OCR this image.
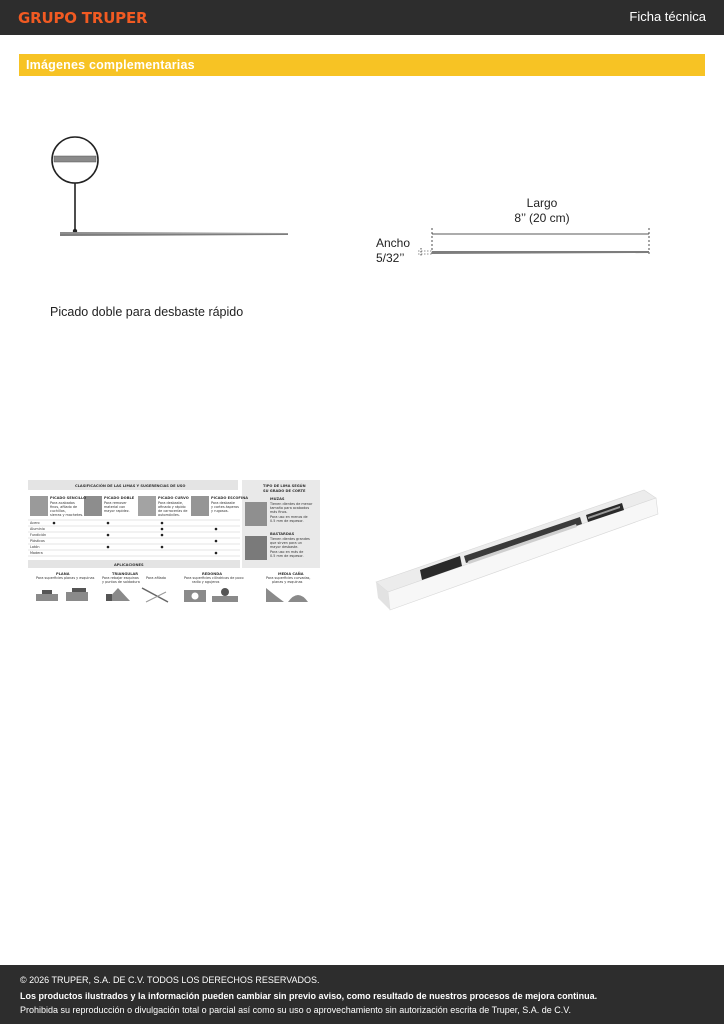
GRUPO TRUPER	Ficha técnica
Imágenes complementarias
Picado doble para desbaste rápido
Largo
8’’ (20 cm)
Ancho
5/32’’
CLASIFICACIÓN DE LAS LIMAS Y SUGERENCIAS DE USO	TIPO DE LIMA SEGÚN
SU GRADO DE CORTE
PICADO SENCILLO
Para acabados
finos, afilado de
cuchillos,
sierras y machetes.
PICADO DOBLE
Para remover
material con
mayor rapidez.
PICADO CURVO
Para desbaste,
afinado y rápido
de carrocerías de
automóviles.
PICADO ESCOFINA
Para desbaste
y cortes ásperos
y rugosos.
Acero
Aluminio
Fundición
Plásticos
Latón
Madera
MUZAS
Tienen dientes de menor
tamaño para acabados
más finos.
Para uso en menos de
0.5 mm de espesor.
BASTARDAS
Tienen dientes grandes
que sirven para un
mayor desbaste.
Para uso en más de
0.5 mm de espesor.
APLICACIONES
PLANA
Para superficies planas y esquinas
TRIANGULAR
Para rebajar esquinas
y puntos de soldadura
Para afilado
REDONDA
Para superficies cilíndricas de poco
radio y agujeros
MEDIA CAÑA
Para superficies curvadas,
planas y esquinas

© 2026 TRUPER, S.A. DE C.V. TODOS LOS DERECHOS RESERVADOS.

Los productos ilustrados y la información pueden cambiar sin previo aviso, como resultado de nuestros procesos de mejora continua.

Prohibida su reproducción o divulgación total o parcial así como su uso o aprovechamiento sin autorización escrita de Truper, S.A. de C.V.
